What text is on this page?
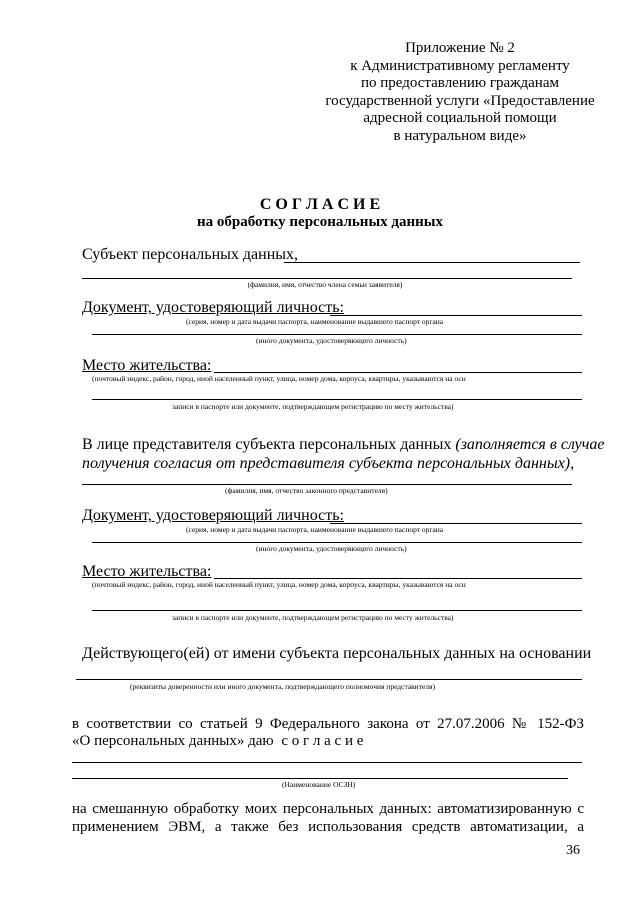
Приложение № 2
к Административному регламенту
по предоставлению гражданам
государственной услуги «Предоставление
адресной социальной помощи
в натуральном виде»
С О Г Л А С И Е
на обработку персональных данных
Субъект персональных данных,
(фамилия, имя, отчество члена семьи заявителя)
Документ, удостоверяющий личность:
(серия, номер и дата выдачи паспорта, наименование выдавшего паспорт органа
(иного документа, удостоверяющего личность)
Место жительства:
(почтовый индекс, район, город, иной населенный пункт, улица, номер дома, корпуса, квартиры, указываются на осн
записи в паспорте или документе, подтверждающем регистрацию по месту жительства)
В лице представителя субъекта персональных данных (заполняется в случае
получения согласия от представителя субъекта персональных данных),
(фамилия, имя, отчество законного представителя)
Документ, удостоверяющий личность:
(серия, номер и дата выдачи паспорта, наименование выдавшего паспорт органа
(иного документа, удостоверяющего личность)
Место жительства:
(почтовый индекс, район, город, иной населенный пункт, улица, номер дома, корпуса, квартиры, указываются на осн
записи в паспорте или документе, подтверждающем регистрацию по месту жительства)
Действующего(ей) от имени субъекта персональных данных на основании
(реквизиты доверенности или иного документа, подтверждающего полномочия представителя)
в соответствии со статьей 9 Федерального закона от 27.07.2006 № 152-ФЗ
«О персональных данных» даю с о г л а с и е
(Наименование ОСЗН)
на смешанную обработку моих персональных данных: автоматизированную с
применением ЭВМ, а также без использования средств автоматизации, а
36
